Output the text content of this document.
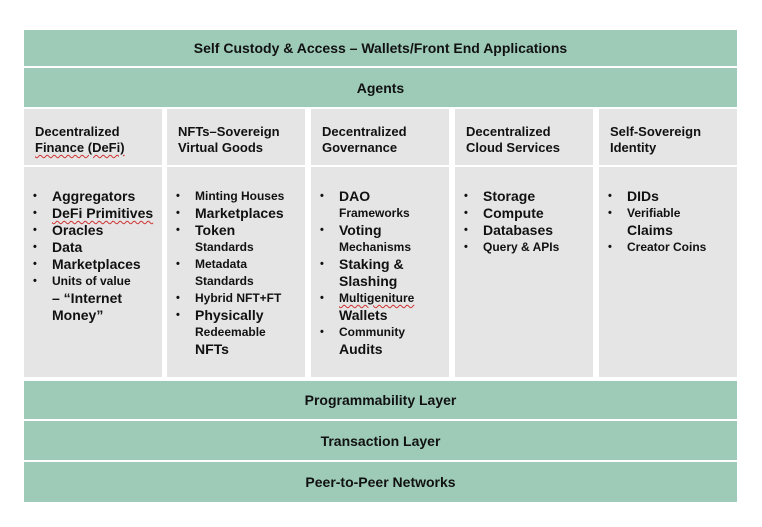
Self Custody & Access – Wallets/Front End Applications
Agents
Decentralized
Finance (DeFi)
• Aggregators
• DeFi Primitives
• Oracles
• Data
• Marketplaces
• Units of value
– “Internet
Money”
NFTs–Sovereign
Virtual Goods
• Minting Houses
• Marketplaces
• Token
Standards
• Metadata
Standards
• Hybrid NFT+FT
• Physically
Redeemable
NFTs
Decentralized
Governance
• DAO
Frameworks
• Voting
Mechanisms
• Staking &
Slashing
• Multigeniture
Wallets
• Community
Audits
Decentralized
Cloud Services
• Storage
• Compute
• Databases
• Query & APIs
Self-Sovereign
Identity
• DIDs
• Verifiable
Claims
• Creator Coins
Programmability Layer
Transaction Layer
Peer-to-Peer Networks
